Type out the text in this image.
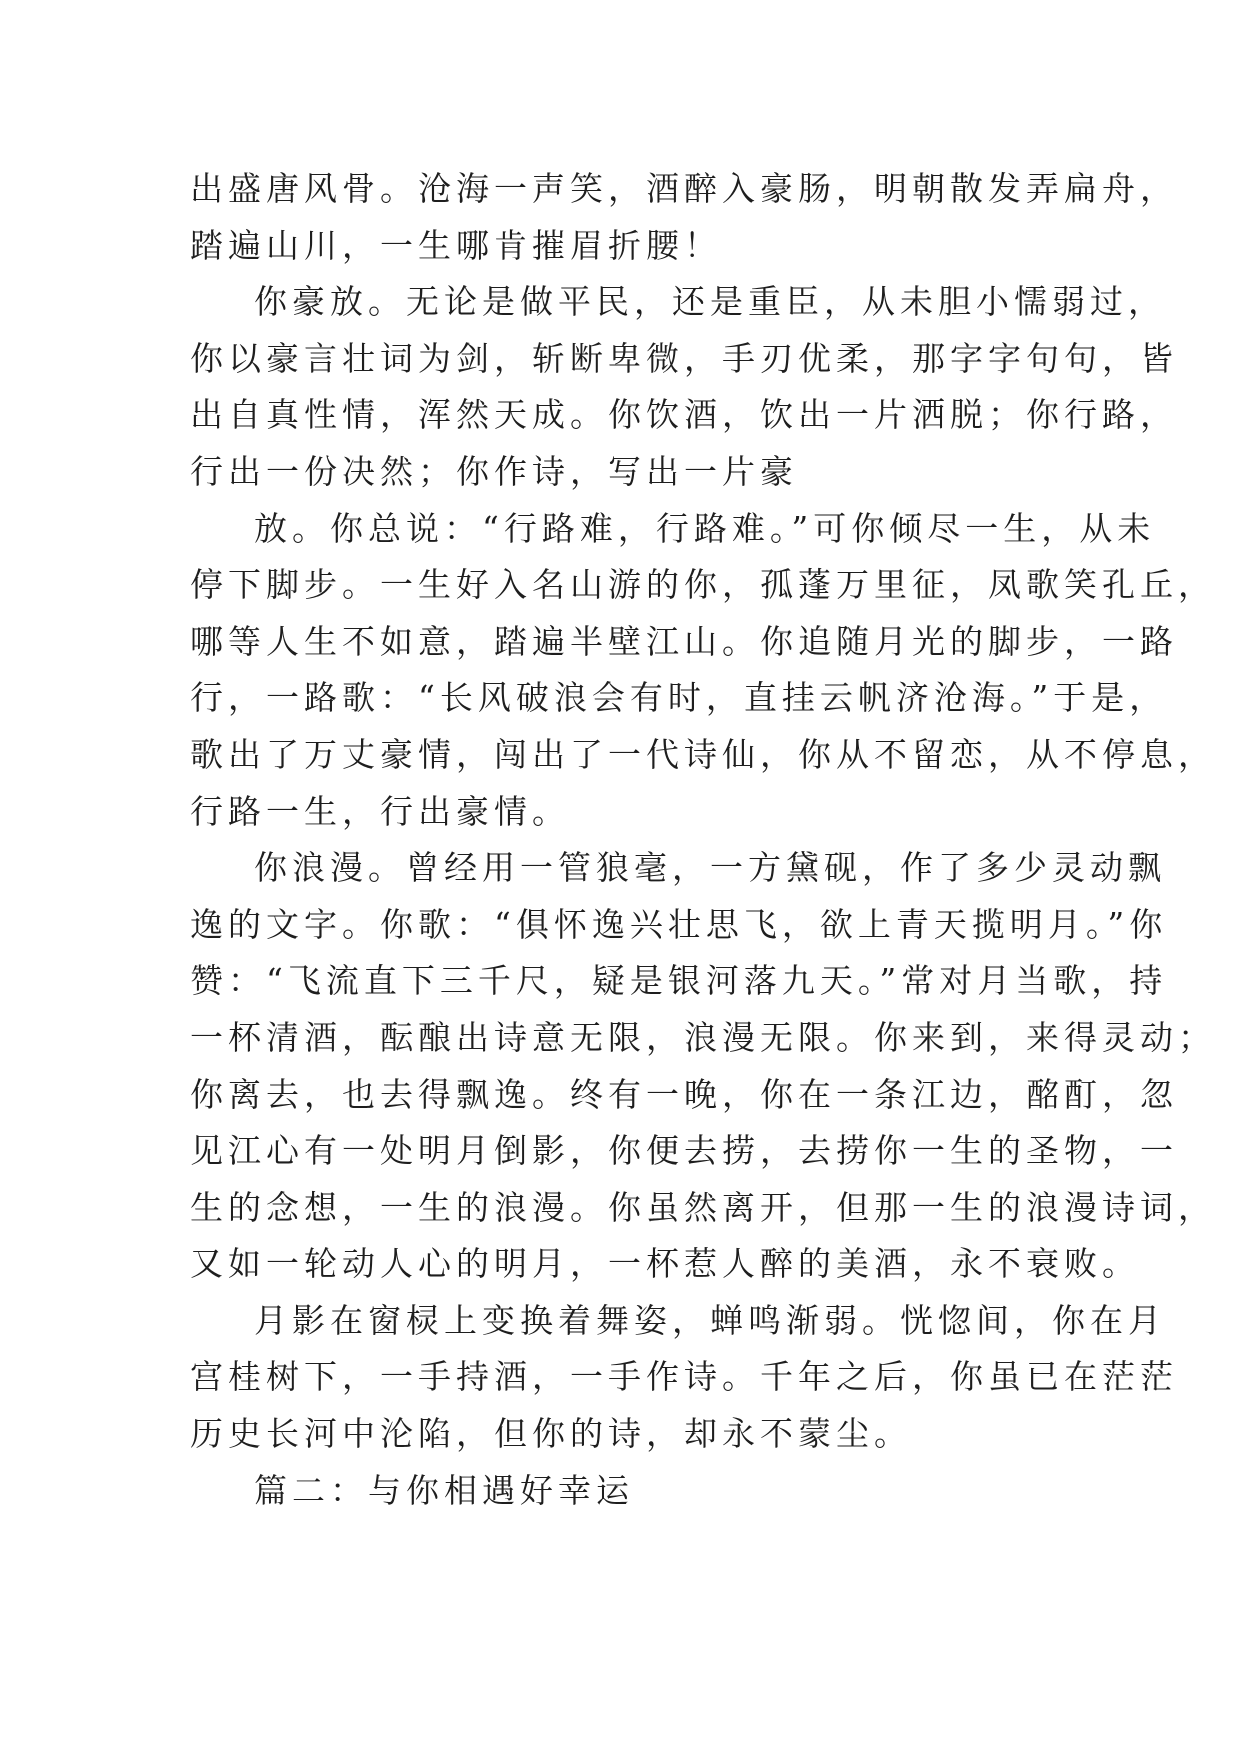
出盛唐风骨。沧海一声笑，酒醉入豪肠，明朝散发弄扁舟，
踏遍山川，一生哪肯摧眉折腰！
你豪放。无论是做平民，还是重臣，从未胆小懦弱过，
你以豪言壮词为剑，斩断卑微，手刃优柔，那字字句句，皆
出自真性情，浑然天成。你饮酒，饮出一片洒脱；你行路，
行出一份决然；你作诗，写出一片豪
放。你总说：“行路难，行路难。”可你倾尽一生，从未
停下脚步。一生好入名山游的你，孤蓬万里征，凤歌笑孔丘，
哪等人生不如意，踏遍半壁江山。你追随月光的脚步，一路
行，一路歌：“长风破浪会有时，直挂云帆济沧海。”于是，
歌出了万丈豪情，闯出了一代诗仙，你从不留恋，从不停息，
行路一生，行出豪情。
你浪漫。曾经用一管狼毫，一方黛砚，作了多少灵动飘
逸的文字。你歌：“俱怀逸兴壮思飞，欲上青天揽明月。”你
赞：“飞流直下三千尺，疑是银河落九天。”常对月当歌，持
一杯清酒，酝酿出诗意无限，浪漫无限。你来到，来得灵动；
你离去，也去得飘逸。终有一晚，你在一条江边，酩酊，忽
见江心有一处明月倒影，你便去捞，去捞你一生的圣物，一
生的念想，一生的浪漫。你虽然离开，但那一生的浪漫诗词，
又如一轮动人心的明月，一杯惹人醉的美酒，永不衰败。
月影在窗棂上变换着舞姿，蝉鸣渐弱。恍惚间，你在月
宫桂树下，一手持酒，一手作诗。千年之后，你虽已在茫茫
历史长河中沦陷，但你的诗，却永不蒙尘。
篇二：与你相遇好幸运
